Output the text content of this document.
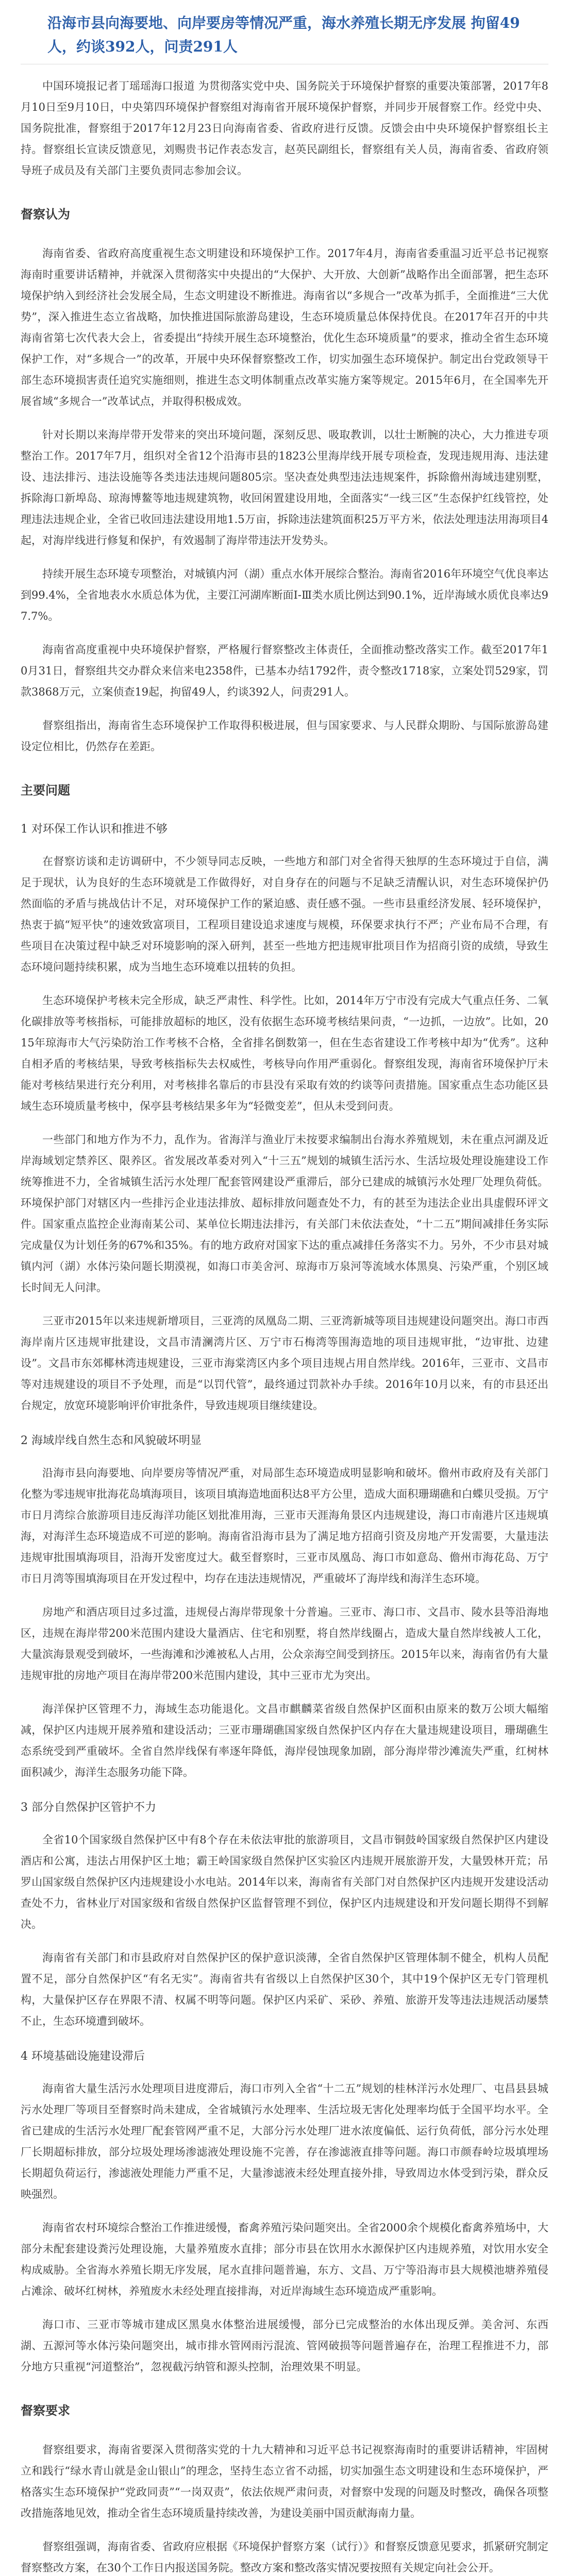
沿海市县向海要地、向岸要房等情况严重，海水养殖长期无序发展 拘留49人，约谈392人，问责291人

中国环境报记者丁瑶瑶海口报道 为贯彻落实党中央、国务院关于环境保护督察的重要决策部署，2017年8月10日至9月10日，中央第四环境保护督察组对海南省开展环境保护督察，并同步开展督察工作。经党中央、国务院批准，督察组于2017年12月23日向海南省委、省政府进行反馈。反馈会由中央环境保护督察组长主持。督察组长宣读反馈意见，刘赐贵书记作表态发言，赵英民副组长，督察组有关人员，海南省委、省政府领导班子成员及有关部门主要负责同志参加会议。

督察认为

海南省委、省政府高度重视生态文明建设和环境保护工作。2017年4月，海南省委重温习近平总书记视察海南时重要讲话精神，并就深入贯彻落实中央提出的“大保护、大开放、大创新”战略作出全面部署，把生态环境保护纳入到经济社会发展全局，生态文明建设不断推进。海南省以“多规合一”改革为抓手，全面推进“三大优势”，深入推进生态立省战略，加快推进国际旅游岛建设，生态环境质量总体保持优良。在2017年召开的中共海南省第七次代表大会上，省委提出“持续开展生态环境整治，优化生态环境质量”的要求，推动全省生态环境保护工作，对“多规合一”的改革，开展中央环保督察整改工作，切实加强生态环境保护。制定出台党政领导干部生态环境损害责任追究实施细则，推进生态文明体制重点改革实施方案等规定。2015年6月，在全国率先开展省域“多规合一”改革试点，并取得积极成效。

针对长期以来海岸带开发带来的突出环境问题，深刻反思、吸取教训，以壮士断腕的决心，大力推进专项整治工作。2017年7月，组织对全省12个沿海市县的1823公里海岸线开展专项检查，发现违规用海、违法建设、违法排污、违法设施等各类违法违规问题805宗。坚决查处典型违法违规案件，拆除儋州海域违建别墅，拆除海口新埠岛、琼海博鳌等地违规建筑物，收回闲置建设用地，全面落实“一线三区”生态保护红线管控，处理违法违规企业，全省已收回违法建设用地1.5万亩，拆除违法建筑面积25万平方米，依法处理违法用海项目4起，对海岸线进行修复和保护，有效遏制了海岸带违法开发势头。

持续开展生态环境专项整治，对城镇内河（湖）重点水体开展综合整治。海南省2016年环境空气优良率达到99.4%，全省地表水水质总体为优，主要江河湖库断面Ⅰ-Ⅲ类水质比例达到90.1%，近岸海域水质优良率达97.7%。

海南省高度重视中央环境保护督察，严格履行督察整改主体责任，全面推动整改落实工作。截至2017年10月31日，督察组共交办群众来信来电2358件，已基本办结1792件，责令整改1718家，立案处罚529家，罚款3868万元，立案侦查19起，拘留49人，约谈392人，问责291人。

督察组指出，海南省生态环境保护工作取得积极进展，但与国家要求、与人民群众期盼、与国际旅游岛建设定位相比，仍然存在差距。

主要问题
1 对环保工作认识和推进不够

在督察访谈和走访调研中，不少领导同志反映，一些地方和部门对全省得天独厚的生态环境过于自信，满足于现状，认为良好的生态环境就是工作做得好，对自身存在的问题与不足缺乏清醒认识，对生态环境保护仍然面临的矛盾与挑战估计不足，对环境保护工作的紧迫感、责任感不强。一些市县重经济发展、轻环境保护，热衷于搞“短平快”的速效致富项目，工程项目建设追求速度与规模，环保要求执行不严；产业布局不合理，有些项目在决策过程中缺乏对环境影响的深入研判，甚至一些地方把违规审批项目作为招商引资的成绩，导致生态环境问题持续积累，成为当地生态环境难以扭转的负担。

生态环境保护考核未完全形成，缺乏严肃性、科学性。比如，2014年万宁市没有完成大气重点任务、二氧化碳排放等考核指标，可能排放超标的地区，没有依据生态环境考核结果问责，“一边抓，一边放”。比如，2015年琼海市大气污染防治工作考核不合格，全省排名倒数第一，但在生态省建设工作考核中却为“优秀”。这种自相矛盾的考核结果，导致考核指标失去权威性，考核导向作用严重弱化。督察组发现，海南省环境保护厅未能对考核结果进行充分利用，对考核排名靠后的市县没有采取有效的约谈等问责措施。国家重点生态功能区县域生态环境质量考核中，保亭县考核结果多年为“轻微变差”，但从未受到问责。

一些部门和地方作为不力，乱作为。省海洋与渔业厅未按要求编制出台海水养殖规划，未在重点河湖及近岸海域划定禁养区、限养区。省发展改革委对列入“十三五”规划的城镇生活污水、生活垃圾处理设施建设工作统筹推进不力，全省城镇生活污水处理厂配套管网建设严重滞后，部分已建成的城镇污水处理厂处理负荷低。环境保护部门对辖区内一些排污企业违法排放、超标排放问题查处不力，有的甚至为违法企业出具虚假环评文件。国家重点监控企业海南某公司、某单位长期违法排污，有关部门未依法查处，“十二五”期间减排任务实际完成量仅为计划任务的67%和35%。有的地方政府对国家下达的重点减排任务落实不力。另外，不少市县对城镇内河（湖）水体污染问题长期漠视，如海口市美舍河、琼海市万泉河等流域水体黑臭、污染严重，个别区域长时间无人问津。

三亚市2015年以来违规新增项目，三亚湾的凤凰岛二期、三亚湾新城等项目违规建设问题突出。海口市西海岸南片区违规审批建设，文昌市清澜湾片区、万宁市石梅湾等围海造地的项目违规审批，“边审批、边建设”。文昌市东郊椰林湾违规建设，三亚市海棠湾区内多个项目违规占用自然岸线。2016年，三亚市、文昌市等对违规建设的项目不予处理，而是“以罚代管”，最终通过罚款补办手续。2016年10月以来，有的市县还出台规定，放宽环境影响评价审批条件，导致违规项目继续建设。

2 海域岸线自然生态和风貌破坏明显

沿海市县向海要地、向岸要房等情况严重，对局部生态环境造成明显影响和破坏。儋州市政府及有关部门化整为零违规审批海花岛填海项目，该项目填海造地面积达8平方公里，造成大面积珊瑚礁和白蝶贝受损。万宁市日月湾综合旅游项目违反海洋功能区划批准用海，三亚市天涯海角景区内违规建设，海口市南港片区违规填海，对海洋生态环境造成不可逆的影响。海南省沿海市县为了满足地方招商引资及房地产开发需要，大量违法违规审批围填海项目，沿海开发密度过大。截至督察时，三亚市凤凰岛、海口市如意岛、儋州市海花岛、万宁市日月湾等围填海项目在开发过程中，均存在违法违规情况，严重破坏了海岸线和海洋生态环境。

房地产和酒店项目过多过滥，违规侵占海岸带现象十分普遍。三亚市、海口市、文昌市、陵水县等沿海地区，违规在海岸带200米范围内建设大量酒店、住宅和别墅，将自然岸线圈占，造成大量自然岸线被人工化，大量滨海景观受到破坏，一些海滩和沙滩被私人占用，公众亲海空间受到挤压。2015年以来，海南省仍有大量违规审批的房地产项目在海岸带200米范围内建设，其中三亚市尤为突出。

海洋保护区管理不力，海域生态功能退化。文昌市麒麟菜省级自然保护区面积由原来的数万公顷大幅缩减，保护区内违规开展养殖和建设活动；三亚市珊瑚礁国家级自然保护区内存在大量违规建设项目，珊瑚礁生态系统受到严重破坏。全省自然岸线保有率逐年降低，海岸侵蚀现象加剧，部分海岸带沙滩流失严重，红树林面积减少，海洋生态服务功能下降。

3 部分自然保护区管护不力

全省10个国家级自然保护区中有8个存在未依法审批的旅游项目，文昌市铜鼓岭国家级自然保护区内建设酒店和公寓，违法占用保护区土地；霸王岭国家级自然保护区实验区内违规开展旅游开发，大量毁林开荒；吊罗山国家级自然保护区内违规建设小水电站。2014年以来，海南省有关部门对自然保护区内违规开发建设活动查处不力，省林业厅对国家级和省级自然保护区监督管理不到位，保护区内违规建设和开发问题长期得不到解决。

海南省有关部门和市县政府对自然保护区的保护意识淡薄，全省自然保护区管理体制不健全，机构人员配置不足，部分自然保护区“有名无实”。海南省共有省级以上自然保护区30个，其中19个保护区无专门管理机构，大量保护区存在界限不清、权属不明等问题。保护区内采矿、采砂、养殖、旅游开发等违法违规活动屡禁不止，生态环境遭到破坏。

4 环境基础设施建设滞后

海南省大量生活污水处理项目进度滞后，海口市列入全省“十二五”规划的桂林洋污水处理厂、屯昌县县城污水处理厂等项目至督察时尚未建成，全省城镇污水处理率、生活垃圾无害化处理率均低于全国平均水平。全省已建成的生活污水处理厂配套管网严重不足，大部分污水处理厂进水浓度偏低、运行负荷低，部分污水处理厂长期超标排放，部分垃圾处理场渗滤液处理设施不完善，存在渗滤液直排等问题。海口市颜春岭垃圾填埋场长期超负荷运行，渗滤液处理能力严重不足，大量渗滤液未经处理直接外排，导致周边水体受到污染，群众反映强烈。

海南省农村环境综合整治工作推进缓慢，畜禽养殖污染问题突出。全省2000余个规模化畜禽养殖场中，大部分未配套建设粪污处理设施，大量养殖废水直排；部分市县在饮用水水源保护区内违规养殖，对饮用水安全构成威胁。全省海水养殖长期无序发展，尾水直排问题普遍，东方、文昌、万宁等沿海市县大规模池塘养殖侵占滩涂、破坏红树林，养殖废水未经处理直接排海，对近岸海域生态环境造成严重影响。

海口市、三亚市等城市建成区黑臭水体整治进展缓慢，部分已完成整治的水体出现反弹。美舍河、东西湖、五源河等水体污染问题突出，城市排水管网雨污混流、管网破损等问题普遍存在，治理工程推进不力，部分地方只重视“河道整治”，忽视截污纳管和源头控制，治理效果不明显。

督察要求

督察组要求，海南省要深入贯彻落实党的十九大精神和习近平总书记视察海南时的重要讲话精神，牢固树立和践行“绿水青山就是金山银山”的理念，坚持生态立省不动摇，切实加强生态文明建设和生态环境保护，严格落实生态环境保护“党政同责”“一岗双责”，依法依规严肃问责，对督察中发现的问题及时整改，确保各项整改措施落地见效，推动全省生态环境质量持续改善，为建设美丽中国贡献海南力量。

督察组强调，海南省委、省政府应根据《环境保护督察方案（试行）》和督察反馈意见要求，抓紧研究制定督察整改方案，在30个工作日内报送国务院。整改方案和整改落实情况要按照有关规定向社会公开。
